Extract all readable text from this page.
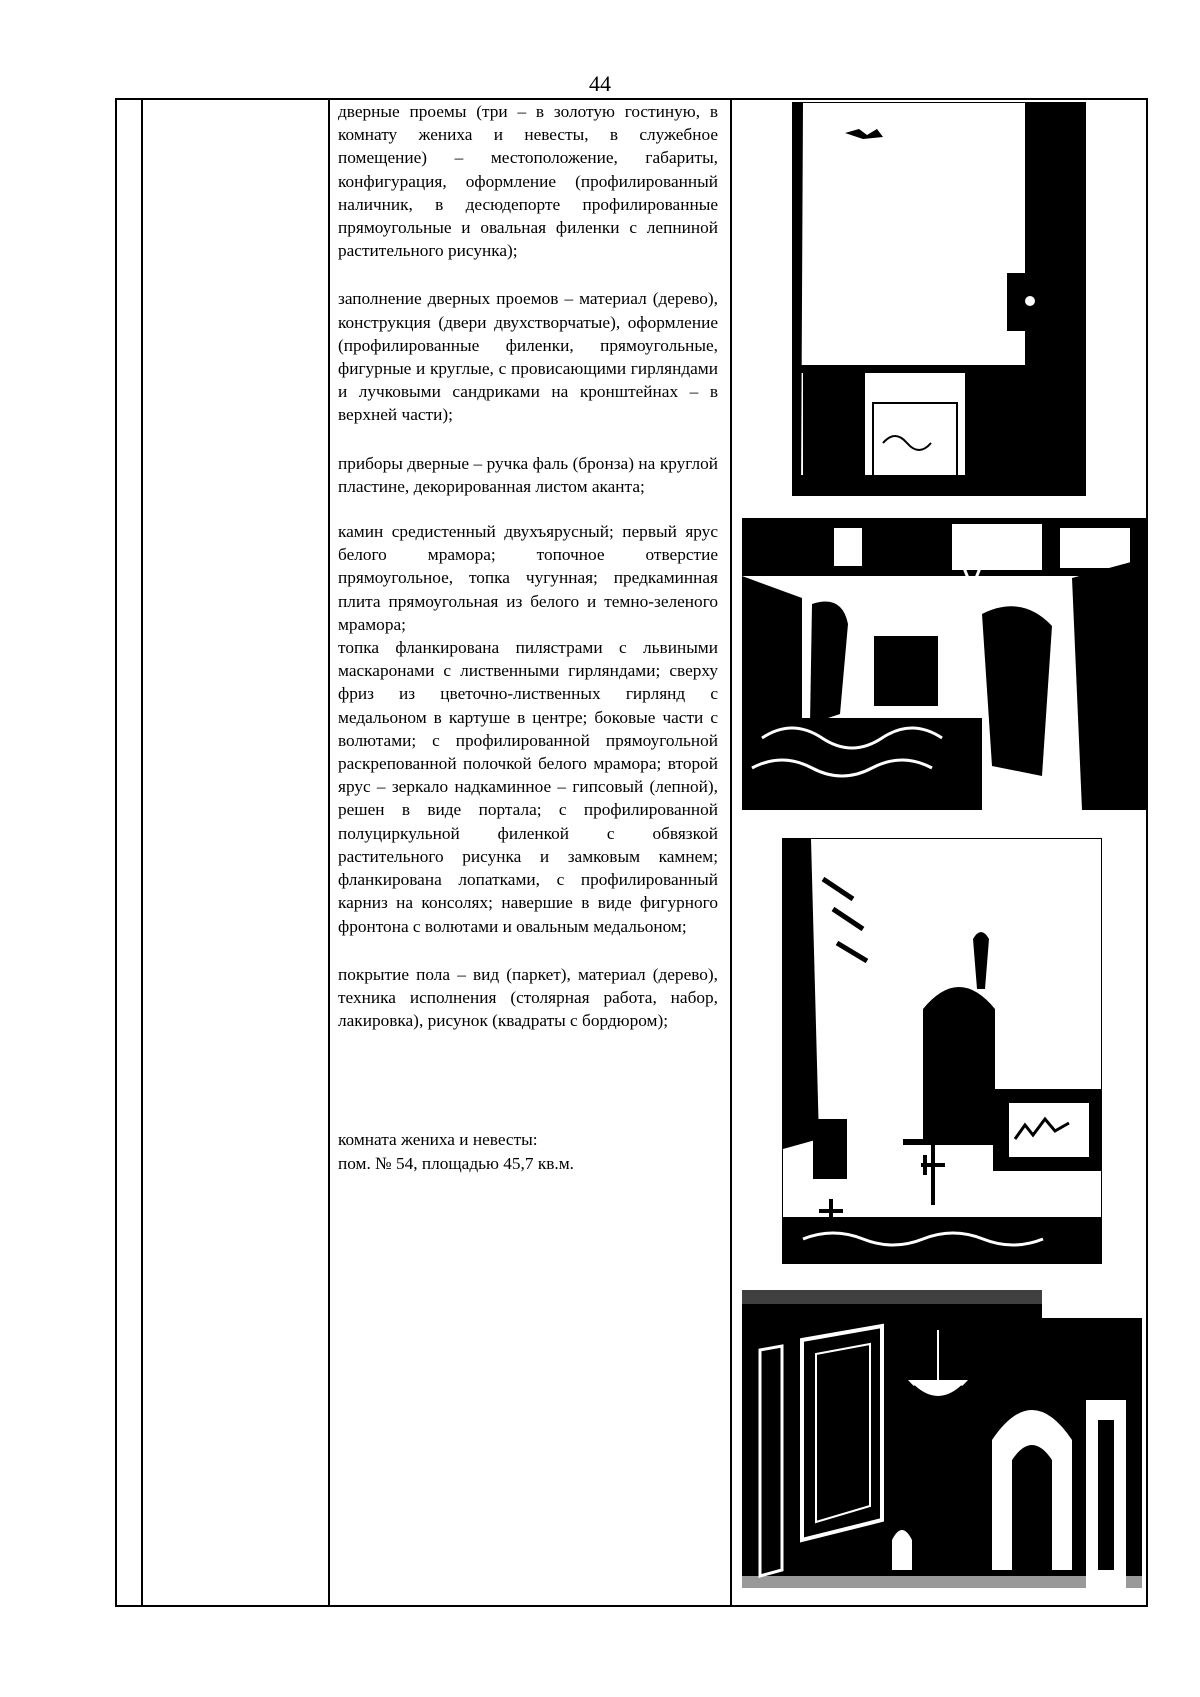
44

дверные проемы (три – в золотую гостиную, в комнату жениха и невесты, в служебное помещение) – местоположение, габариты, конфигурация, оформление (профилированный наличник, в десюдепорте профилированные прямоугольные и овальная филенки с лепниной растительного рисунка);

заполнение дверных проемов – материал (дерево), конструкция (двери двухстворчатые), оформление (профилированные филенки, прямоугольные, фигурные и круглые, с провисающими гирляндами и лучковыми сандриками на кронштейнах – в верхней части);

приборы дверные – ручка фаль (бронза) на круглой пластине, декорированная листом аканта;

камин средистенный двухъярусный; первый ярус белого мрамора; топочное отверстие прямоугольное, топка чугунная; предкаминная плита прямоугольная из белого и темно-зеленого мрамора;

топка фланкирована пилястрами с львиными маскаронами с лиственными гирляндами; сверху фриз из цветочно-лиственных гирлянд с медальоном в картуше в центре; боковые части с волютами; с профилированной прямоугольной раскрепованной полочкой белого мрамора; второй ярус – зеркало надкаминное – гипсовый (лепной), решен в виде портала; с профилированной полуциркульной филенкой с обвязкой растительного рисунка и замковым камнем; фланкирована лопатками, с профилированный карниз на консолях; навершие в виде фигурного фронтона с волютами и овальным медальоном;

покрытие пола – вид (паркет), материал (дерево), техника исполнения (столярная работа, набор, лакировка), рисунок (квадраты с бордюром);

комната жениха и невесты:

пом. № 54, площадью 45,7 кв.м.
